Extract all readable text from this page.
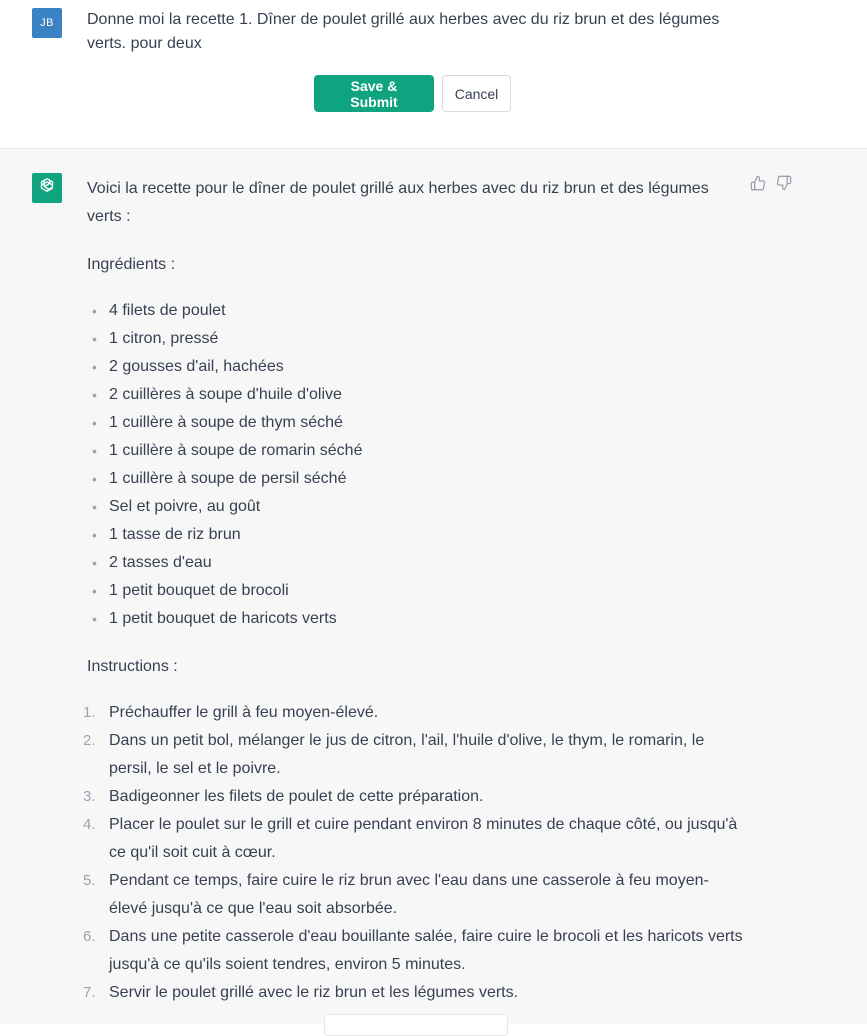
JB	Donne moi la recette 1. Dîner de poulet grillé aux herbes avec du riz brun et des légumes
verts. pour deux

Save & Submit	Cancel

Voici la recette pour le dîner de poulet grillé aux herbes avec du riz brun et des légumes verts :

Ingrédients :

• 4 filets de poulet
• 1 citron, pressé
• 2 gousses d'ail, hachées
• 2 cuillères à soupe d'huile d'olive
• 1 cuillère à soupe de thym séché
• 1 cuillère à soupe de romarin séché
• 1 cuillère à soupe de persil séché
• Sel et poivre, au goût
• 1 tasse de riz brun
• 2 tasses d'eau
• 1 petit bouquet de brocoli
• 1 petit bouquet de haricots verts

Instructions :

1. Préchauffer le grill à feu moyen-élevé.
2. Dans un petit bol, mélanger le jus de citron, l'ail, l'huile d'olive, le thym, le romarin, le persil, le sel et le poivre.
3. Badigeonner les filets de poulet de cette préparation.
4. Placer le poulet sur le grill et cuire pendant environ 8 minutes de chaque côté, ou jusqu'à ce qu'il soit cuit à cœur.
5. Pendant ce temps, faire cuire le riz brun avec l'eau dans une casserole à feu moyen-élevé jusqu'à ce que l'eau soit absorbée.
6. Dans une petite casserole d'eau bouillante salée, faire cuire le brocoli et les haricots verts jusqu'à ce qu'ils soient tendres, environ 5 minutes.
7. Servir le poulet grillé avec le riz brun et les légumes verts.
